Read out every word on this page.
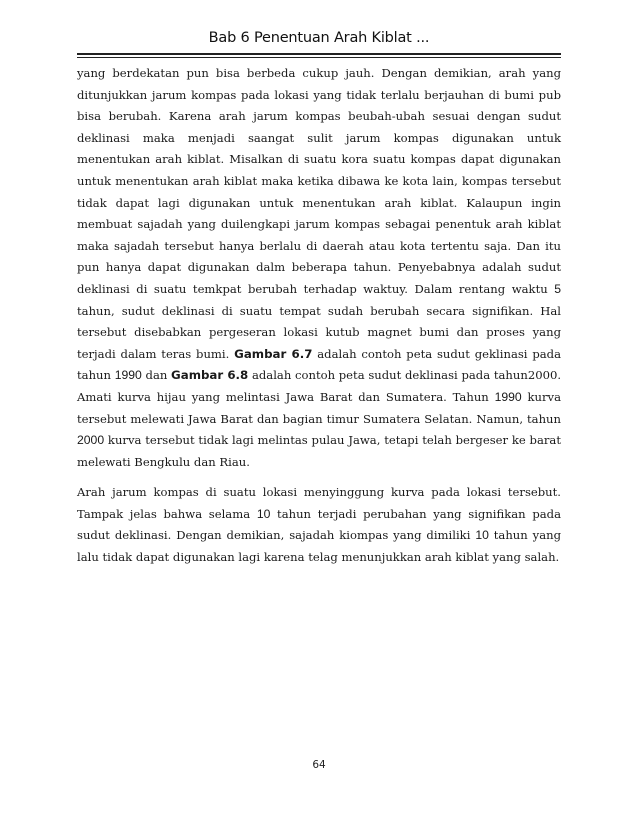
Bab 6 Penentuan Arah Kiblat ...

yang berdekatan pun bisa berbeda cukup jauh. Dengan demikian, arah yang ditunjukkan jarum kompas pada lokasi yang tidak terlalu berjauhan di bumi pub bisa berubah. Karena arah jarum kompas beubah-ubah sesuai dengan sudut deklinasi maka menjadi saangat sulit jarum kompas digunakan untuk menentukan arah kiblat. Misalkan di suatu kora suatu kompas dapat digunakan untuk menentukan arah kiblat maka ketika dibawa ke kota lain, kompas tersebut tidak dapat lagi digunakan untuk menentukan arah kiblat. Kalaupun ingin membuat sajadah yang duilengkapi jarum kompas sebagai penentuk arah kiblat maka sajadah tersebut hanya berlalu di daerah atau kota tertentu saja. Dan itu pun hanya dapat digunakan dalm beberapa tahun. Penyebabnya adalah sudut deklinasi di suatu temkpat berubah terhadap waktuy. Dalam rentang waktu 5 tahun, sudut deklinasi di suatu tempat sudah berubah secara signifikan. Hal tersebut disebabkan pergeseran lokasi kutub magnet bumi dan proses yang terjadi dalam teras bumi. Gambar 6.7 adalah contoh peta sudut geklinasi pada tahun 1990 dan Gambar 6.8 adalah contoh peta sudut deklinasi pada tahun2000. Amati kurva hijau yang melintasi Jawa Barat dan Sumatera. Tahun 1990 kurva tersebut melewati Jawa Barat dan bagian timur Sumatera Selatan. Namun, tahun 2000 kurva tersebut tidak lagi melintas pulau Jawa, tetapi telah bergeser ke barat melewati Bengkulu dan Riau.

Arah jarum kompas di suatu lokasi menyinggung kurva pada lokasi tersebut. Tampak jelas bahwa selama 10 tahun terjadi perubahan yang signifikan pada sudut deklinasi. Dengan demikian, sajadah kiompas yang dimiliki 10 tahun yang lalu tidak dapat digunakan lagi karena telag menunjukkan arah kiblat yang salah.

64
